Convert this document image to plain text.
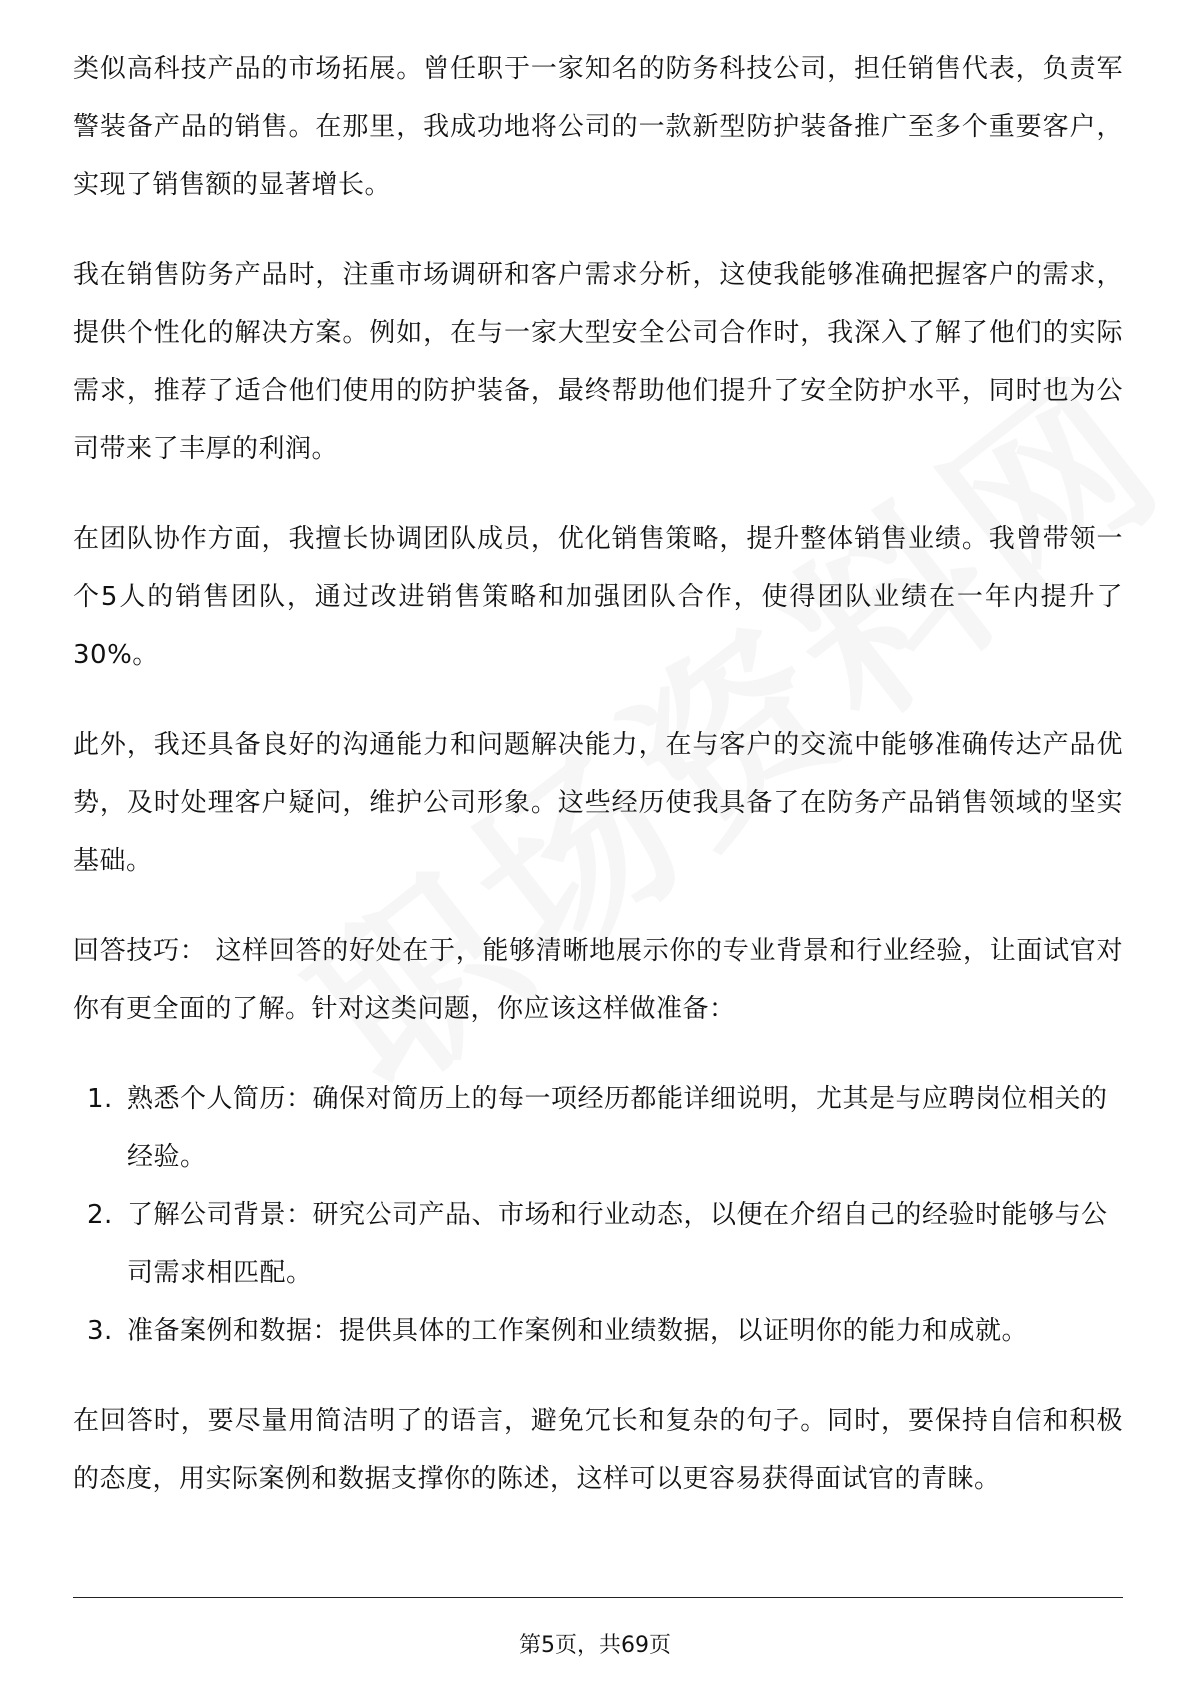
类似高科技产品的市场拓展。曾任职于一家知名的防务科技公司，担任销售代表，负责军警装备产品的销售。在那里，我成功地将公司的一款新型防护装备推广至多个重要客户，实现了销售额的显著增长。

我在销售防务产品时，注重市场调研和客户需求分析，这使我能够准确把握客户的需求，提供个性化的解决方案。例如，在与一家大型安全公司合作时，我深入了解了他们的实际需求，推荐了适合他们使用的防护装备，最终帮助他们提升了安全防护水平，同时也为公司带来了丰厚的利润。

在团队协作方面，我擅长协调团队成员，优化销售策略，提升整体销售业绩。我曾带领一个5人的销售团队，通过改进销售策略和加强团队合作，使得团队业绩在一年内提升了30%。

此外，我还具备良好的沟通能力和问题解决能力，在与客户的交流中能够准确传达产品优势，及时处理客户疑问，维护公司形象。这些经历使我具备了在防务产品销售领域的坚实基础。

回答技巧： 这样回答的好处在于，能够清晰地展示你的专业背景和行业经验，让面试官对你有更全面的了解。针对这类问题，你应该这样做准备：

1. 熟悉个人简历：确保对简历上的每一项经历都能详细说明，尤其是与应聘岗位相关的经验。
2. 了解公司背景：研究公司产品、市场和行业动态，以便在介绍自己的经验时能够与公司需求相匹配。
3. 准备案例和数据：提供具体的工作案例和业绩数据，以证明你的能力和成就。

在回答时，要尽量用简洁明了的语言，避免冗长和复杂的句子。同时，要保持自信和积极的态度，用实际案例和数据支撑你的陈述，这样可以更容易获得面试官的青睐。

第5页，共69页
